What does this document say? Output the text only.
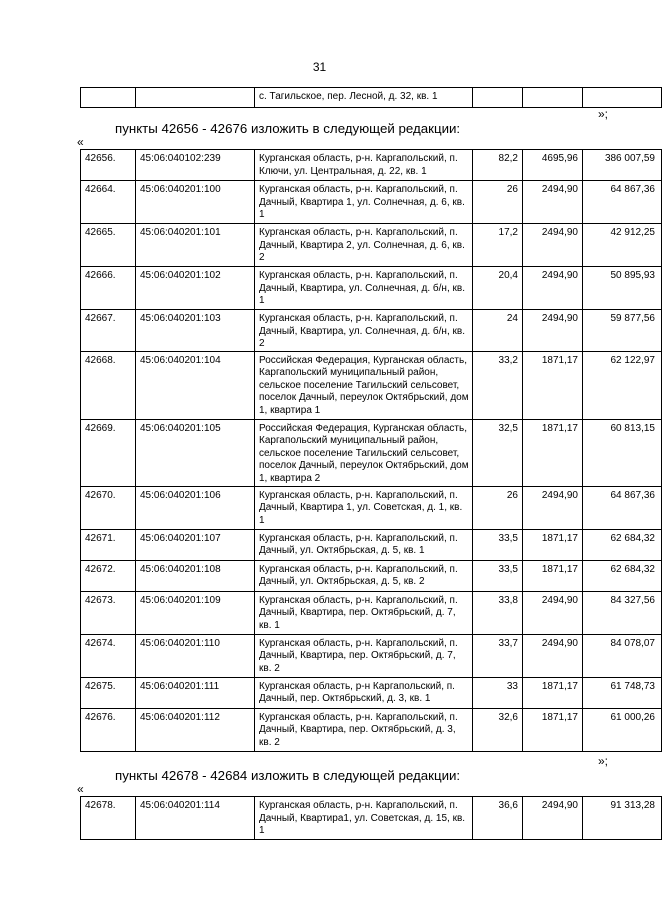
31
		с. Тагильское, пер. Лесной, д. 32, кв. 1			
»;
пункты 42656 - 42676 изложить в следующей редакции:
«
42656.	45:06:040102:239	Курганская область, р-н. Каргапольский, п. Ключи, ул. Центральная, д. 22, кв. 1	82,2	4695,96	386 007,59
42664.	45:06:040201:100	Курганская область, р-н. Каргапольский, п. Дачный, Квартира 1, ул. Солнечная, д. 6, кв. 1	26	2494,90	64 867,36
42665.	45:06:040201:101	Курганская область, р-н. Каргапольский, п. Дачный, Квартира 2, ул. Солнечная, д. 6, кв. 2	17,2	2494,90	42 912,25
42666.	45:06:040201:102	Курганская область, р-н. Каргапольский, п. Дачный, Квартира, ул. Солнечная, д. б/н, кв. 1	20,4	2494,90	50 895,93
42667.	45:06:040201:103	Курганская область, р-н. Каргапольский, п. Дачный, Квартира, ул. Солнечная, д. б/н, кв. 2	24	2494,90	59 877,56
42668.	45:06:040201:104	Российская Федерация, Курганская область, Каргапольский муниципальный район, сельское поселение Тагильский сельсовет, поселок Дачный, переулок Октябрьский, дом 1, квартира 1	33,2	1871,17	62 122,97
42669.	45:06:040201:105	Российская Федерация, Курганская область, Каргапольский муниципальный район, сельское поселение Тагильский сельсовет, поселок Дачный, переулок Октябрьский, дом 1, квартира 2	32,5	1871,17	60 813,15
42670.	45:06:040201:106	Курганская область, р-н. Каргапольский, п. Дачный, Квартира 1, ул. Советская, д. 1, кв. 1	26	2494,90	64 867,36
42671.	45:06:040201:107	Курганская область, р-н. Каргапольский, п. Дачный, ул. Октябрьская, д. 5, кв. 1	33,5	1871,17	62 684,32
42672.	45:06:040201:108	Курганская область, р-н. Каргапольский, п. Дачный, ул. Октябрьская, д. 5, кв. 2	33,5	1871,17	62 684,32
42673.	45:06:040201:109	Курганская область, р-н. Каргапольский, п. Дачный, Квартира, пер. Октябрьский, д. 7, кв. 1	33,8	2494,90	84 327,56
42674.	45:06:040201:110	Курганская область, р-н. Каргапольский, п. Дачный, Квартира, пер. Октябрьский, д. 7, кв. 2	33,7	2494,90	84 078,07
42675.	45:06:040201:111	Курганская область, р-н Каргапольский, п. Дачный, пер. Октябрьский, д. 3, кв. 1	33	1871,17	61 748,73
42676.	45:06:040201:112	Курганская область, р-н. Каргапольский, п. Дачный, Квартира, пер. Октябрьский, д. 3, кв. 2	32,6	1871,17	61 000,26
»;
пункты 42678 - 42684 изложить в следующей редакции:
«
42678.	45:06:040201:114	Курганская область, р-н. Каргапольский, п. Дачный, Квартира1, ул. Советская, д. 15, кв. 1	36,6	2494,90	91 313,28
